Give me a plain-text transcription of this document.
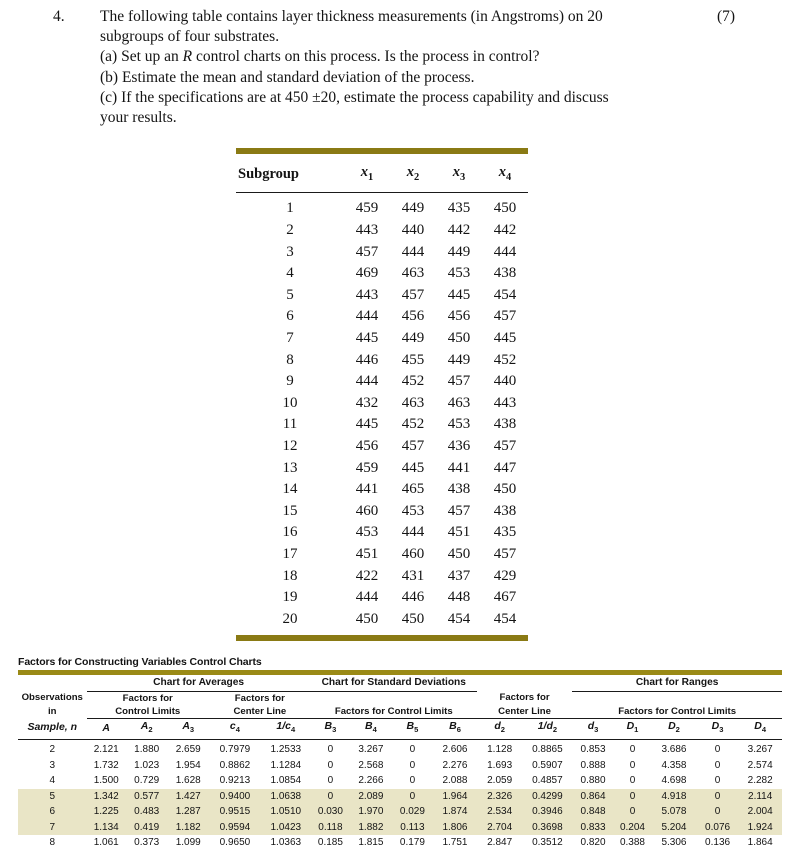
4.	(7)

The following table contains layer thickness measurements (in Angstroms) on 20

subgroups of four substrates.

(a) Set up an R control charts on this process. Is the process in control?

(b) Estimate the mean and standard deviation of the process.

(c) If the specifications are at 450 ±20, estimate the process capability and discuss

your results.

Subgroup	$x_1$	$x_2$	$x_3$	$x_4$
1	459	449	435	450
2	443	440	442	442
3	457	444	449	444
4	469	463	453	438
5	443	457	445	454
6	444	456	456	457
7	445	449	450	445
8	446	455	449	452
9	444	452	457	440
10	432	463	463	443
11	445	452	453	438
12	456	457	436	457
13	459	445	441	447
14	441	465	438	450
15	460	453	457	438
16	453	444	451	435
17	451	460	450	457
18	422	431	437	429
19	444	446	448	467
20	450	450	454	454
Factors for Constructing Variables Control Charts
	Chart for Averages					Chart for Standard Deviations						Chart for Ranges				
Observations	Factors for			Factors for						Factors for						
in	Control Limits			Center Line		Factors for Control Limits				Center Line		Factors for Control Limits				
Sample, n	A	$A_2$	$A_3$	$c_4$	$1/c_4$	$B_3$	$B_4$	$B_5$	$B_6$	$d_2$	$1/d_2$	$d_3$	$D_1$	$D_2$	$D_3$	$D_4$
2	2.121	1.880	2.659	0.7979	1.2533	0	3.267	0	2.606	1.128	0.8865	0.853	0	3.686	0	3.267
3	1.732	1.023	1.954	0.8862	1.1284	0	2.568	0	2.276	1.693	0.5907	0.888	0	4.358	0	2.574
4	1.500	0.729	1.628	0.9213	1.0854	0	2.266	0	2.088	2.059	0.4857	0.880	0	4.698	0	2.282
5	1.342	0.577	1.427	0.9400	1.0638	0	2.089	0	1.964	2.326	0.4299	0.864	0	4.918	0	2.114
6	1.225	0.483	1.287	0.9515	1.0510	0.030	1.970	0.029	1.874	2.534	0.3946	0.848	0	5.078	0	2.004
7	1.134	0.419	1.182	0.9594	1.0423	0.118	1.882	0.113	1.806	2.704	0.3698	0.833	0.204	5.204	0.076	1.924
8	1.061	0.373	1.099	0.9650	1.0363	0.185	1.815	0.179	1.751	2.847	0.3512	0.820	0.388	5.306	0.136	1.864
